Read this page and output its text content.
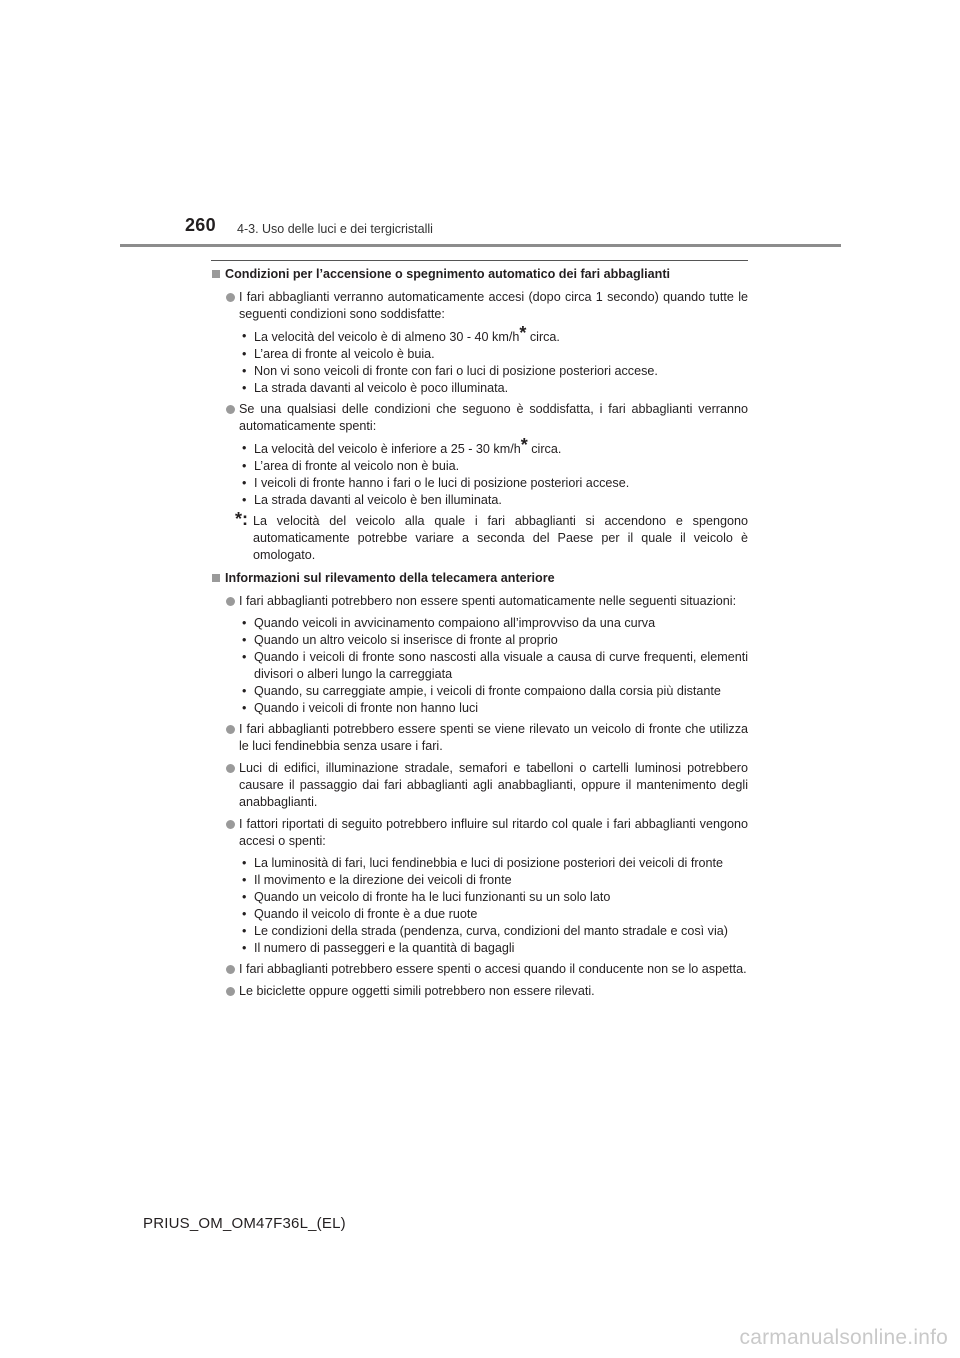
260 4-3. Uso delle luci e dei tergicristalli
Condizioni per l’accensione o spegnimento automatico dei fari abbaglianti
I fari abbaglianti verranno automaticamente accesi (dopo circa 1 secondo) quando tutte le seguenti condizioni sono soddisfatte:
• La velocità del veicolo è di almeno 30 - 40 km/h* circa.
• L’area di fronte al veicolo è buia.
• Non vi sono veicoli di fronte con fari o luci di posizione posteriori accese.
• La strada davanti al veicolo è poco illuminata.
Se una qualsiasi delle condizioni che seguono è soddisfatta, i fari abbaglianti verranno automaticamente spenti:
• La velocità del veicolo è inferiore a 25 - 30 km/h* circa.
• L’area di fronte al veicolo non è buia.
• I veicoli di fronte hanno i fari o le luci di posizione posteriori accese.
• La strada davanti al veicolo è ben illuminata.
*: La velocità del veicolo alla quale i fari abbaglianti si accendono e spengono automaticamente potrebbe variare a seconda del Paese per il quale il veicolo è omologato.
Informazioni sul rilevamento della telecamera anteriore
I fari abbaglianti potrebbero non essere spenti automaticamente nelle seguenti situazioni:
• Quando veicoli in avvicinamento compaiono all’improvviso da una curva
• Quando un altro veicolo si inserisce di fronte al proprio
• Quando i veicoli di fronte sono nascosti alla visuale a causa di curve frequenti, elementi divisori o alberi lungo la carreggiata
• Quando, su carreggiate ampie, i veicoli di fronte compaiono dalla corsia più distante
• Quando i veicoli di fronte non hanno luci
I fari abbaglianti potrebbero essere spenti se viene rilevato un veicolo di fronte che utilizza le luci fendinebbia senza usare i fari.
Luci di edifici, illuminazione stradale, semafori e tabelloni o cartelli luminosi potrebbero causare il passaggio dai fari abbaglianti agli anabbaglianti, oppure il mantenimento degli anabbaglianti.
I fattori riportati di seguito potrebbero influire sul ritardo col quale i fari abbaglianti vengono accesi o spenti:
• La luminosità di fari, luci fendinebbia e luci di posizione posteriori dei veicoli di fronte
• Il movimento e la direzione dei veicoli di fronte
• Quando un veicolo di fronte ha le luci funzionanti su un solo lato
• Quando il veicolo di fronte è a due ruote
• Le condizioni della strada (pendenza, curva, condizioni del manto stradale e così via)
• Il numero di passeggeri e la quantità di bagagli
I fari abbaglianti potrebbero essere spenti o accesi quando il conducente non se lo aspetta.
Le biciclette oppure oggetti simili potrebbero non essere rilevati.
PRIUS_OM_OM47F36L_(EL)
carmanualsonline.info
